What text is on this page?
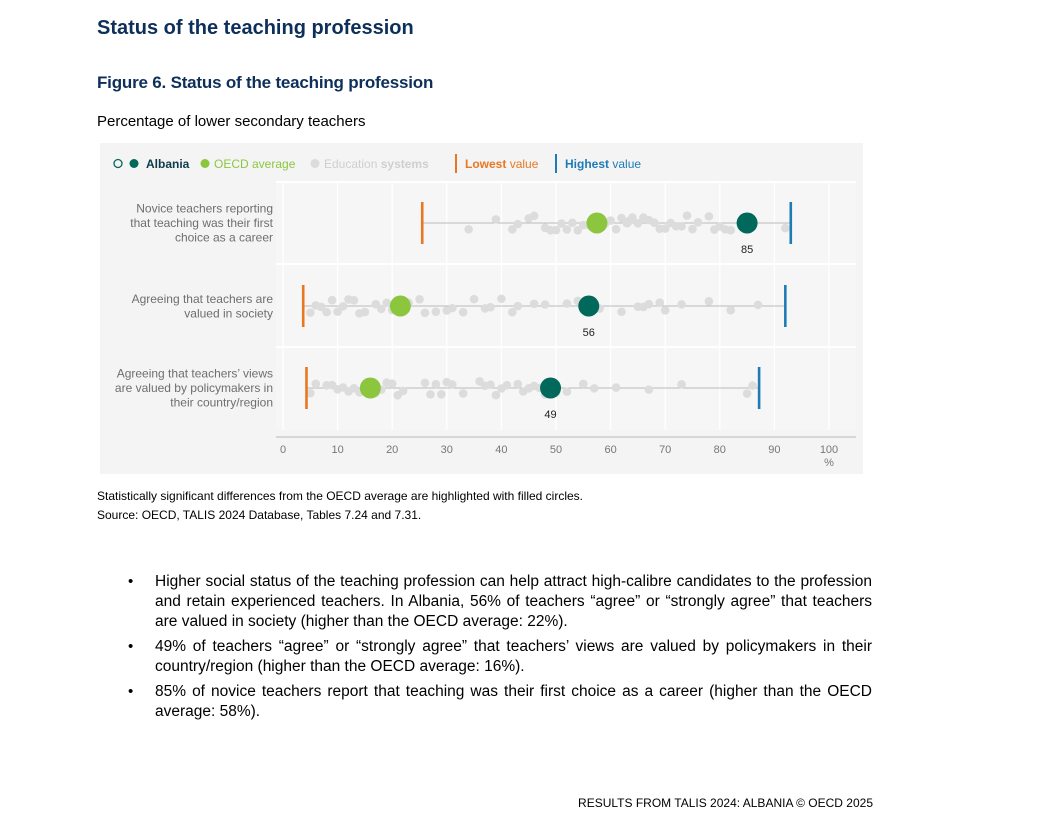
Status of the teaching profession
Figure 6. Status of the teaching profession

Percentage of lower secondary teachers

Albania OECD average Education systems	Lowest value Highest value
Novice teachers reporting
that teaching was their first
choice as a career
85
Agreeing that teachers are
valued in society
56
Agreeing that teachers’ views
are valued by policymakers in
their country/region
49
0	10	20	30	40	50	60	70	80	90	100
%

Statistically significant differences from the OECD average are highlighted with filled circles.

Source: OECD, TALIS 2024 Database, Tables 7.24 and 7.31.

• Higher social status of the teaching profession can help attract high-calibre candidates to the profession and retain experienced teachers. In Albania, 56% of teachers “agree” or “strongly agree” that teachers are valued in society (higher than the OECD average: 22%).
• 49% of teachers “agree” or “strongly agree” that teachers’ views are valued by policymakers in their country/region (higher than the OECD average: 16%).
• 85% of novice teachers report that teaching was their first choice as a career (higher than the OECD average: 58%).

RESULTS FROM TALIS 2024: ALBANIA © OECD 2025
